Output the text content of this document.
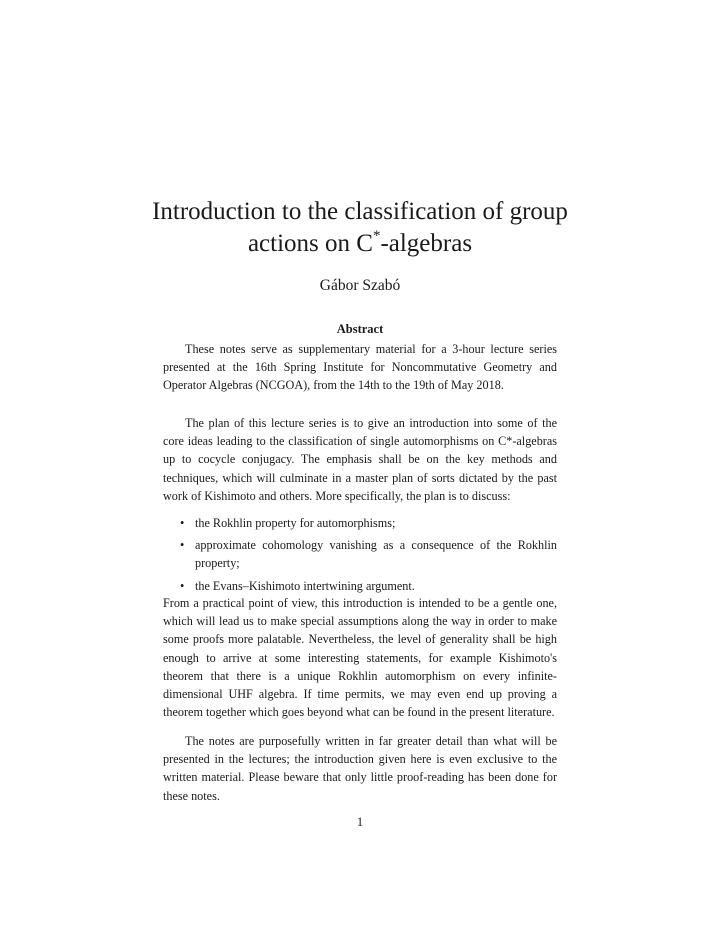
Introduction to the classification of group
actions on C*-algebras
Gábor Szabó
Abstract

These notes serve as supplementary material for a 3-hour lecture series presented at the 16th Spring Institute for Noncommutative Geometry and Operator Algebras (NCGOA), from the 14th to the 19th of May 2018.

The plan of this lecture series is to give an introduction into some of the core ideas leading to the classification of single automorphisms on C*-algebras up to cocycle conjugacy. The emphasis shall be on the key methods and techniques, which will culminate in a master plan of sorts dictated by the past work of Kishimoto and others. More specifically, the plan is to discuss:

• the Rokhlin property for automorphisms;
• approximate cohomology vanishing as a consequence of the Rokhlin property;
• the Evans–Kishimoto intertwining argument.

From a practical point of view, this introduction is intended to be a gentle one, which will lead us to make special assumptions along the way in order to make some proofs more palatable. Nevertheless, the level of generality shall be high enough to arrive at some interesting statements, for example Kishimoto's theorem that there is a unique Rokhlin automorphism on every infinite-dimensional UHF algebra. If time permits, we may even end up proving a theorem together which goes beyond what can be found in the present literature.

The notes are purposefully written in far greater detail than what will be presented in the lectures; the introduction given here is even exclusive to the written material. Please beware that only little proof-reading has been done for these notes.

1
